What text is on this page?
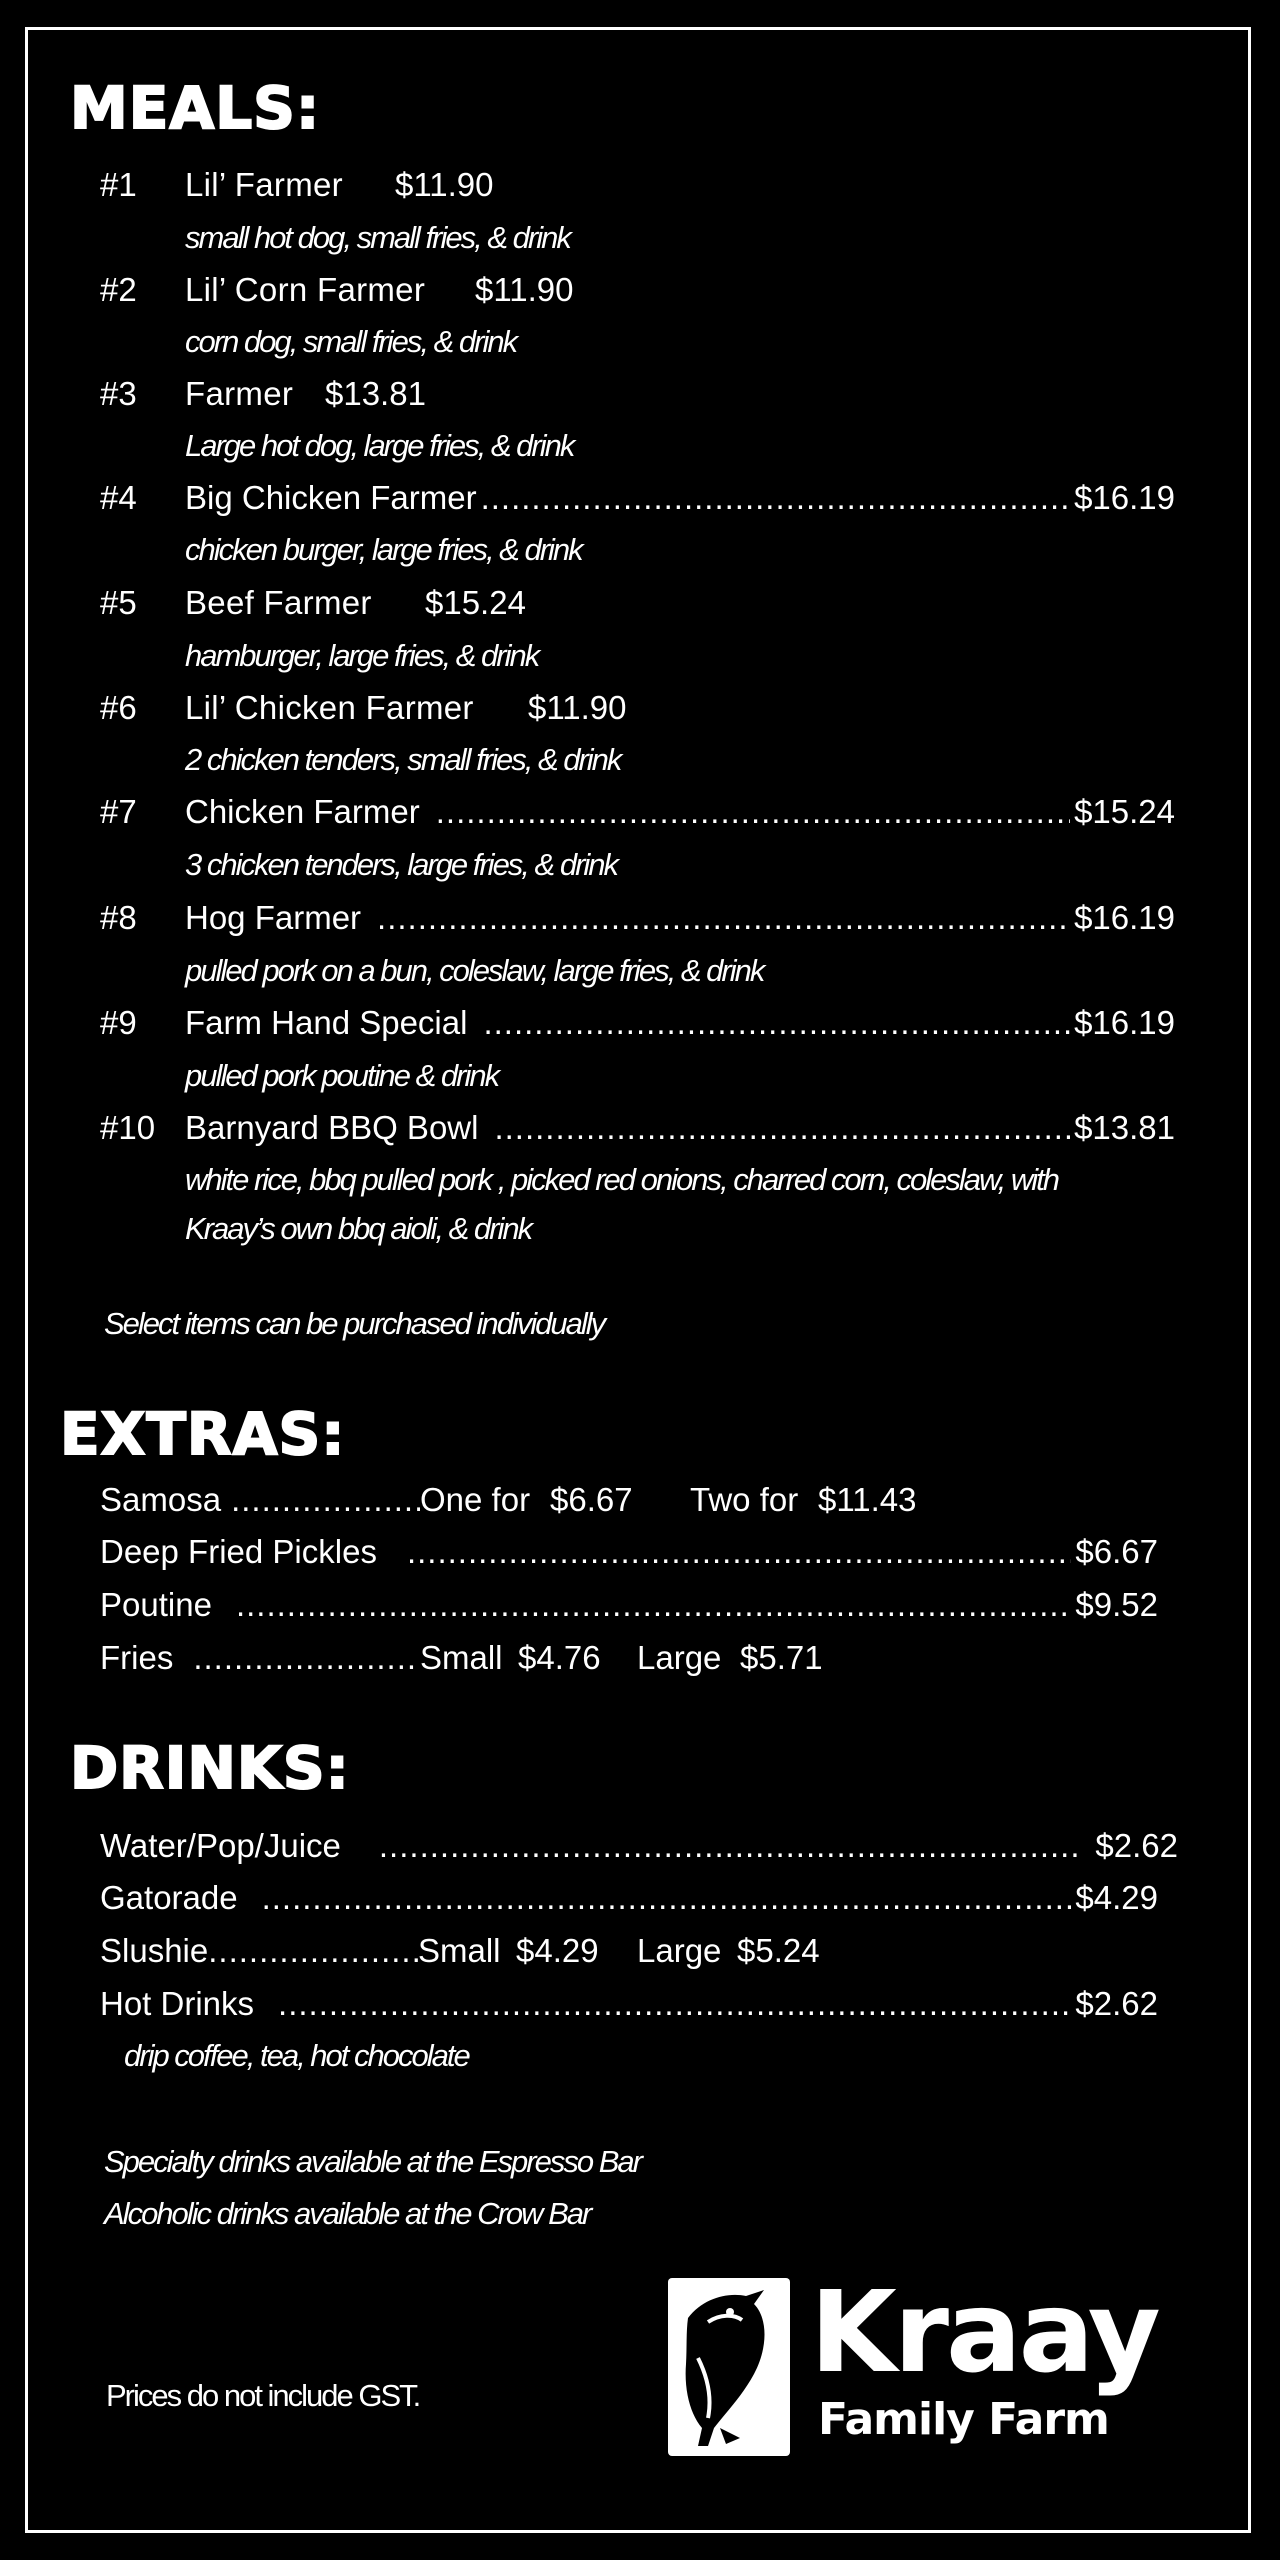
MEALS:
#1 Lil’ Farmer $11.90
small hot dog, small fries, & drink
#2 Lil’ Corn Farmer $11.90
corn dog, small fries, & drink
#3 Farmer $13.81
Large hot dog, large fries, & drink
#4 Big Chicken Farmer .....	$16.19
chicken burger, large fries, & drink
#5 Beef Farmer $15.24
hamburger, large fries, & drink
#6 Lil’ Chicken Farmer $11.90
2 chicken tenders, small fries, & drink
#7 Chicken Farmer .....	$15.24
3 chicken tenders, large fries, & drink
#8 Hog Farmer .....	$16.19
pulled pork on a bun, coleslaw, large fries, & drink
#9 Farm Hand Special .....	$16.19
pulled pork poutine & drink
#10 Barnyard BBQ Bowl .....	$13.81
white rice, bbq pulled pork , picked red onions, charred corn, coleslaw, with
Kraay’s own bbq aioli, & drink
Select items can be purchased individually
EXTRAS:
Samosa .....	One for $6.67 Two for $11.43
Deep Fried Pickles .....	$6.67
Poutine .....	$9.52
Fries .....	Small $4.76 Large $5.71
DRINKS:
Water/Pop/Juice .....	$2.62
Gatorade .....	$4.29
Slushie .....	Small $4.29 Large $5.24
Hot Drinks .....	$2.62
drip coffee, tea, hot chocolate
Specialty drinks available at the Espresso Bar
Alcoholic drinks available at the Crow Bar
Prices do not include GST.	Kraay
Family Farm
